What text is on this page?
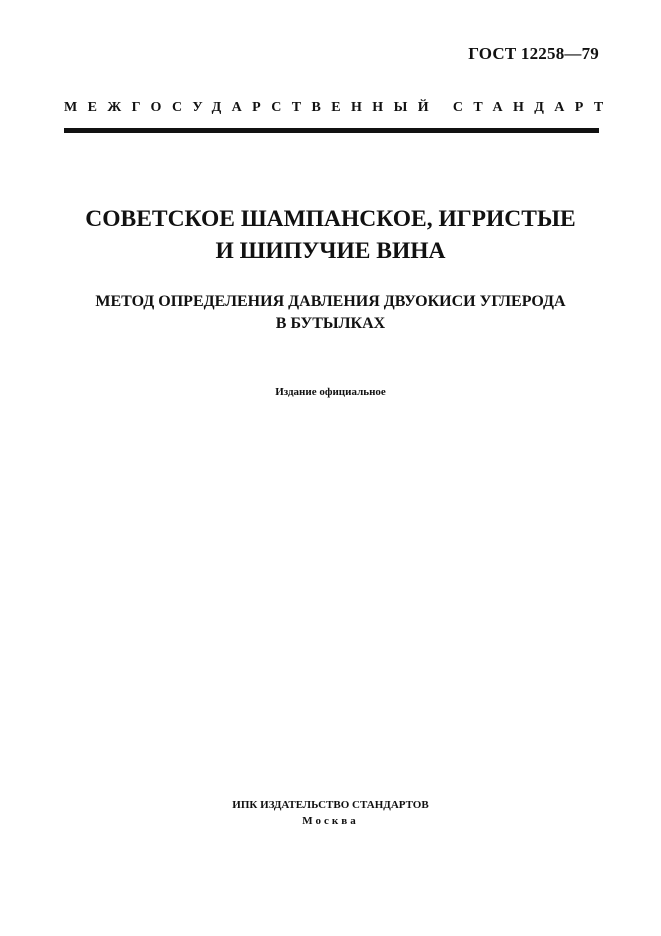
ГОСТ 12258—79
МЕЖГОСУДАРСТВЕННЫЙ СТАНДАРТ
СОВЕТСКОЕ ШАМПАНСКОЕ, ИГРИСТЫЕ
И ШИПУЧИЕ ВИНА
МЕТОД ОПРЕДЕЛЕНИЯ ДАВЛЕНИЯ ДВУОКИСИ УГЛЕРОДА
В БУТЫЛКАХ
Издание официальное
ИПК ИЗДАТЕЛЬСТВО СТАНДАРТОВ
Москва
